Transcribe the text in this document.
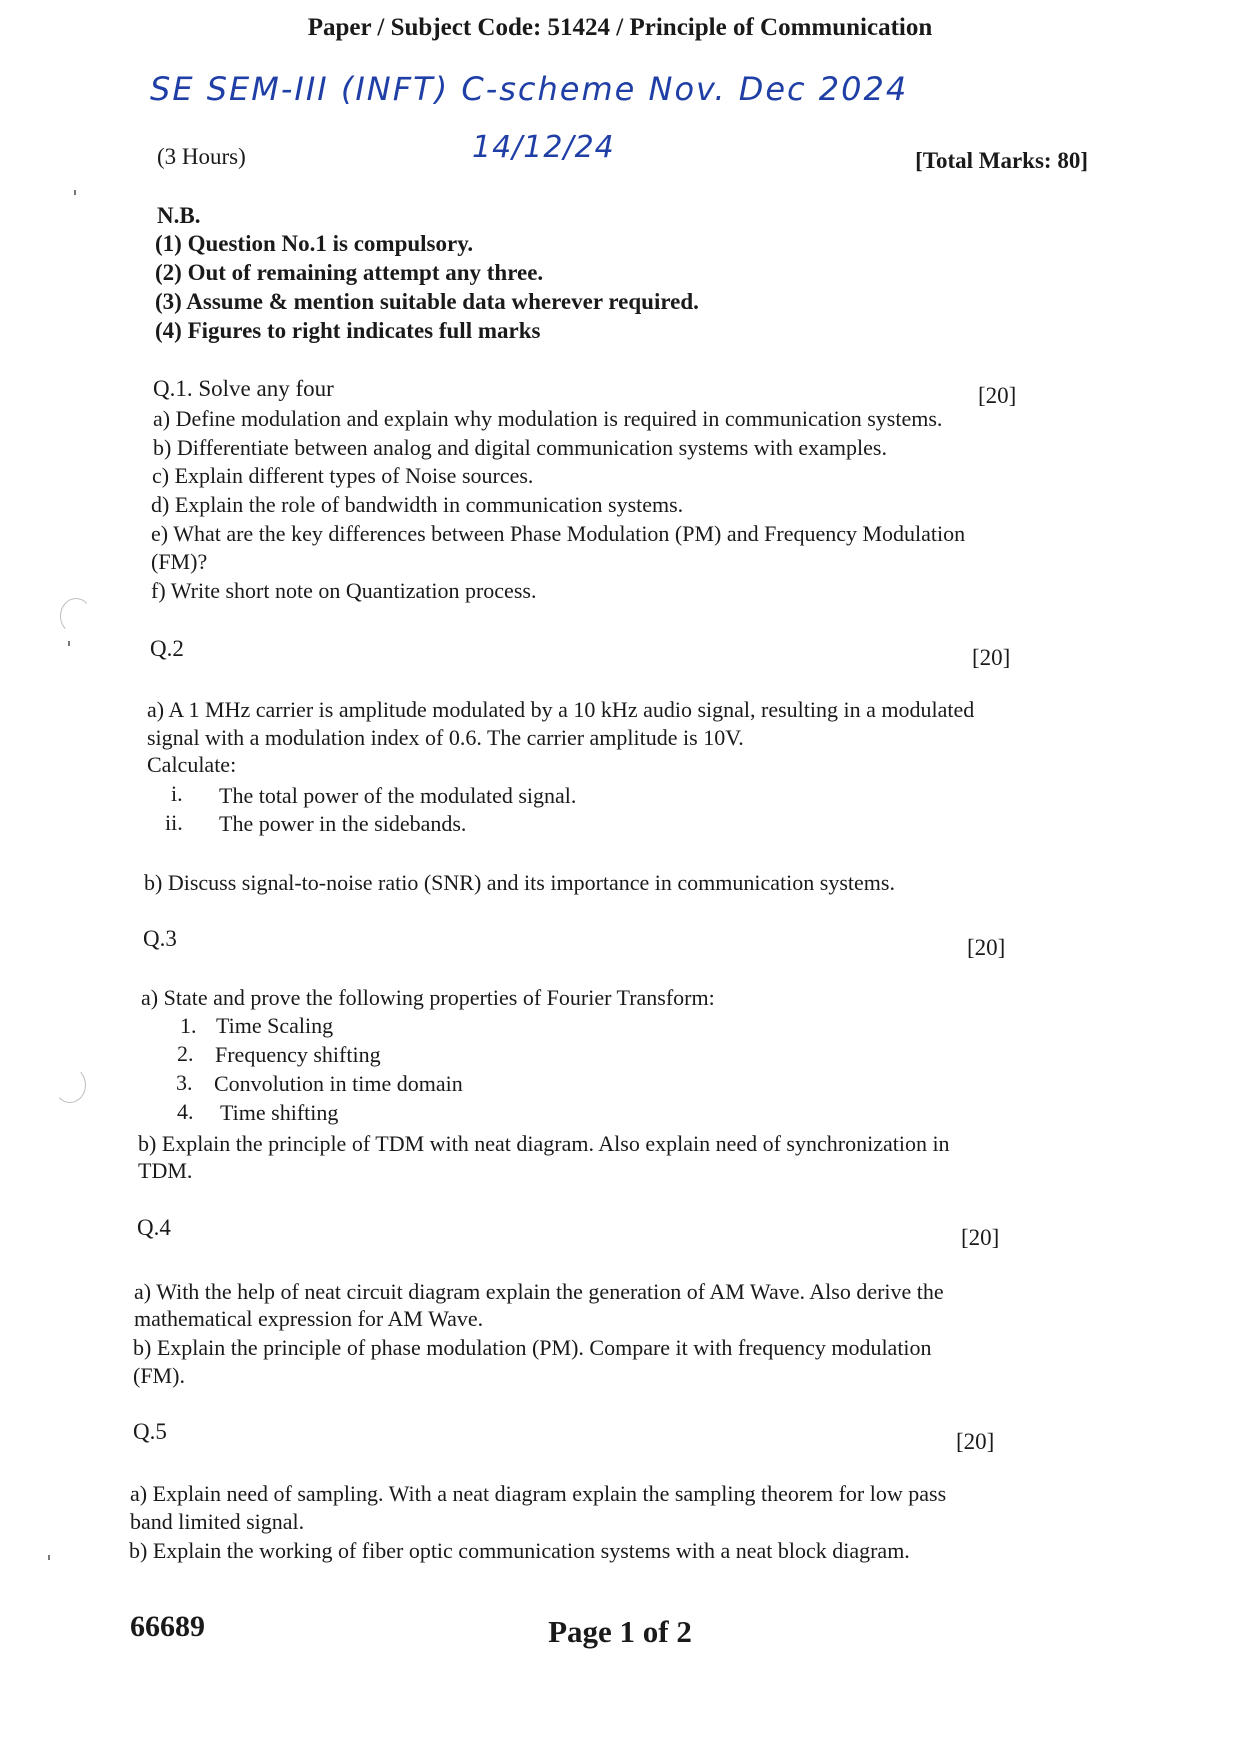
Paper / Subject Code: 51424 / Principle of Communication
SE SEM-III (INFT) C-scheme Nov. Dec 2024
14/12/24
(3 Hours)	[Total Marks: 80]
N.B.
(1) Question No.1 is compulsory.
(2) Out of remaining attempt any three.
(3) Assume & mention suitable data wherever required.
(4) Figures to right indicates full marks
Q.1. Solve any four	[20]
a) Define modulation and explain why modulation is required in communication systems.
b) Differentiate between analog and digital communication systems with examples.
c) Explain different types of Noise sources.
d) Explain the role of bandwidth in communication systems.
e) What are the key differences between Phase Modulation (PM) and Frequency Modulation
(FM)?
f) Write short note on Quantization process.
Q.2	[20]
a) A 1 MHz carrier is amplitude modulated by a 10 kHz audio signal, resulting in a modulated
signal with a modulation index of 0.6. The carrier amplitude is 10V.
Calculate:
i. The total power of the modulated signal.
ii. The power in the sidebands.
b) Discuss signal-to-noise ratio (SNR) and its importance in communication systems.
Q.3	[20]
a) State and prove the following properties of Fourier Transform:
1. Time Scaling
2. Frequency shifting
3. Convolution in time domain
4. Time shifting
b) Explain the principle of TDM with neat diagram. Also explain need of synchronization in
TDM.
Q.4	[20]
a) With the help of neat circuit diagram explain the generation of AM Wave. Also derive the
mathematical expression for AM Wave.
b) Explain the principle of phase modulation (PM). Compare it with frequency modulation
(FM).
Q.5	[20]
a) Explain need of sampling. With a neat diagram explain the sampling theorem for low pass
band limited signal.
b) Explain the working of fiber optic communication systems with a neat block diagram.
66689	Page 1 of 2
